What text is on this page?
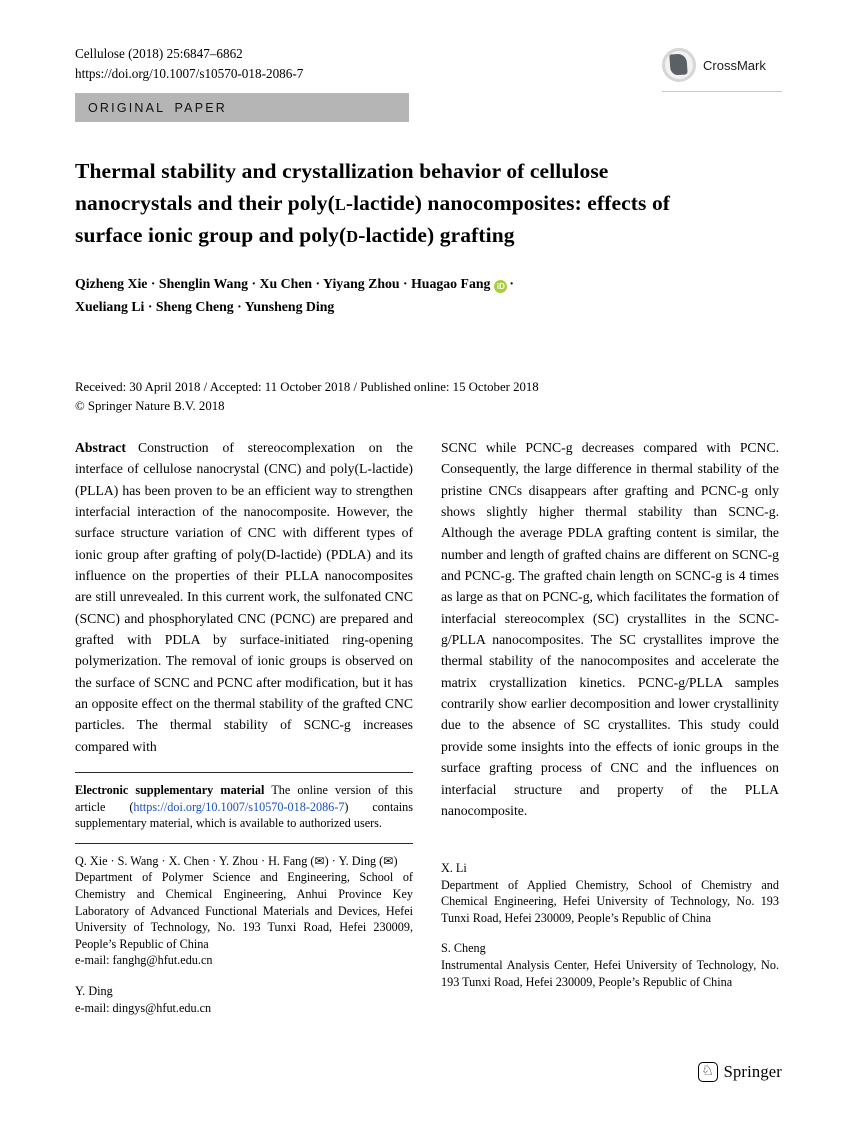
Cellulose (2018) 25:6847–6862
https://doi.org/10.1007/s10570-018-2086-7
CrossMark
ORIGINAL PAPER
Thermal stability and crystallization behavior of cellulose nanocrystals and their poly(L-lactide) nanocomposites: effects of surface ionic group and poly(D-lactide) grafting
Qizheng Xie · Shenglin Wang · Xu Chen · Yiyang Zhou · Huagao Fang iD ·
Xueliang Li · Sheng Cheng · Yunsheng Ding
Received: 30 April 2018 / Accepted: 11 October 2018 / Published online: 15 October 2018
© Springer Nature B.V. 2018
Abstract Construction of stereocomplexation on the interface of cellulose nanocrystal (CNC) and poly(L-lactide) (PLLA) has been proven to be an efficient way to strengthen interfacial interaction of the nanocomposite. However, the surface structure variation of CNC with different types of ionic group after grafting of poly(D-lactide) (PDLA) and its influence on the properties of their PLLA nanocomposites are still unrevealed. In this current work, the sulfonated CNC (SCNC) and phosphorylated CNC (PCNC) are prepared and grafted with PDLA by surface-initiated ring-opening polymerization. The removal of ionic groups is observed on the surface of SCNC and PCNC after modification, but it has an opposite effect on the thermal stability of the grafted CNC particles. The thermal stability of SCNC-g increases compared with
SCNC while PCNC-g decreases compared with PCNC. Consequently, the large difference in thermal stability of the pristine CNCs disappears after grafting and PCNC-g only shows slightly higher thermal stability than SCNC-g. Although the average PDLA grafting content is similar, the number and length of grafted chains are different on SCNC-g and PCNC-g. The grafted chain length on SCNC-g is 4 times as large as that on PCNC-g, which facilitates the formation of interfacial stereocomplex (SC) crystallites in the SCNC-g/PLLA nanocomposites. The SC crystallites improve the thermal stability of the nanocomposites and accelerate the matrix crystallization kinetics. PCNC-g/PLLA samples contrarily show earlier decomposition and lower crystallinity due to the absence of SC crystallites. This study could provide some insights into the effects of ionic groups in the surface grafting process of CNC and the influences on interfacial structure and property of the PLLA nanocomposite.
Electronic supplementary material The online version of this article (https://doi.org/10.1007/s10570-018-2086-7) contains supplementary material, which is available to authorized users.
Q. Xie · S. Wang · X. Chen · Y. Zhou · H. Fang (✉) · Y. Ding (✉)
Department of Polymer Science and Engineering, School of Chemistry and Chemical Engineering, Anhui Province Key Laboratory of Advanced Functional Materials and Devices, Hefei University of Technology, No. 193 Tunxi Road, Hefei 230009, People’s Republic of China
e-mail: fanghg@hfut.edu.cn
Y. Ding
e-mail: dingys@hfut.edu.cn
X. Li
Department of Applied Chemistry, School of Chemistry and Chemical Engineering, Hefei University of Technology, No. 193 Tunxi Road, Hefei 230009, People’s Republic of China
S. Cheng
Instrumental Analysis Center, Hefei University of Technology, No. 193 Tunxi Road, Hefei 230009, People’s Republic of China
♘ Springer
